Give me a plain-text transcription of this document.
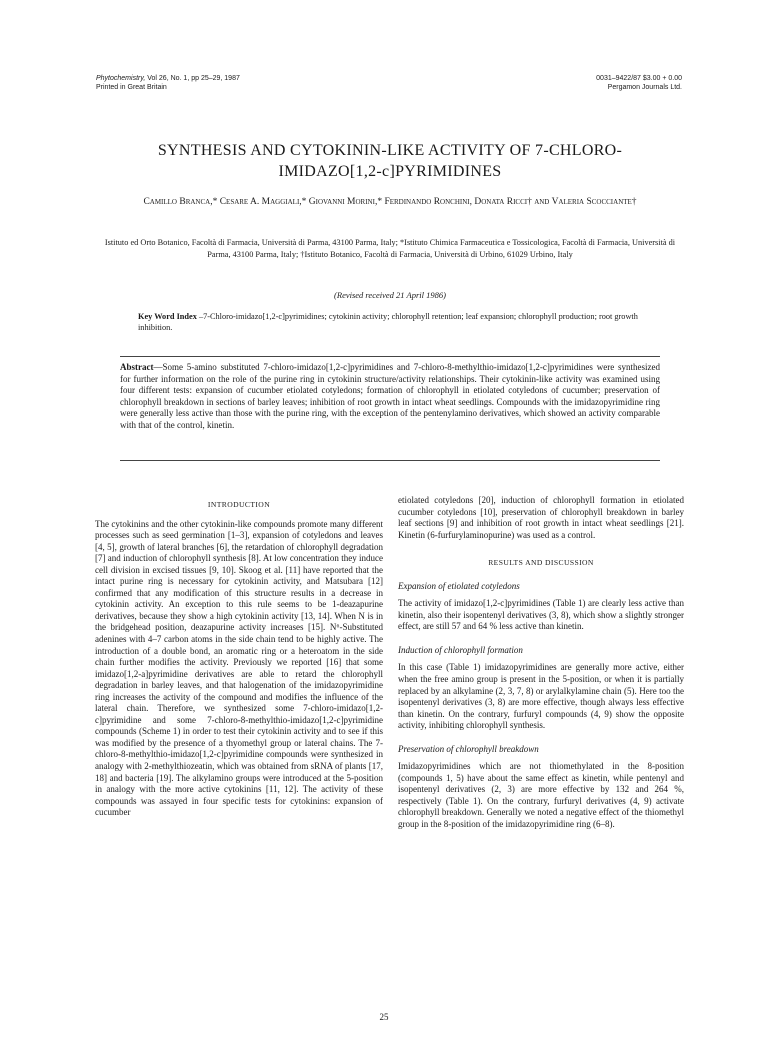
Phytochemistry, Vol 26, No. 1, pp 25–29, 1987
Printed in Great Britain
0031–9422/87 $3.00 + 0.00
Pergamon Journals Ltd.
SYNTHESIS AND CYTOKININ-LIKE ACTIVITY OF 7-CHLORO-IMIDAZO[1,2-c]PYRIMIDINES
Camillo Branca,* Cesare A. Maggiali,* Giovanni Morini,* Ferdinando Ronchini, Donata Ricci† and Valeria Scocciante†
Istituto ed Orto Botanico, Facoltà di Farmacia, Università di Parma, 43100 Parma, Italy; *Istituto Chimica Farmaceutica e Tossicologica, Facoltà di Farmacia, Università di Parma, 43100 Parma, Italy; †Istituto Botanico, Facoltà di Farmacia, Università di Urbino, 61029 Urbino, Italy
(Revised received 21 April 1986)
Key Word Index –7-Chloro-imidazo[1,2-c]pyrimidines; cytokinin activity; chlorophyll retention; leaf expansion; chlorophyll production; root growth inhibition.
Abstract—Some 5-amino substituted 7-chloro-imidazo[1,2-c]pyrimidines and 7-chloro-8-methylthio-imidazo[1,2-c]pyrimidines were synthesized for further information on the role of the purine ring in cytokinin structure/activity relationships. Their cytokinin-like activity was examined using four different tests: expansion of cucumber etiolated cotyledons; formation of chlorophyll in etiolated cotyledons of cucumber; preservation of chlorophyll breakdown in sections of barley leaves; inhibition of root growth in intact wheat seedlings. Compounds with the imidazopyrimidine ring were generally less active than those with the purine ring, with the exception of the pentenylamino derivatives, which showed an activity comparable with that of the control, kinetin.
INTRODUCTION

The cytokinins and the other cytokinin-like compounds promote many different processes such as seed germination [1–3], expansion of cotyledons and leaves [4, 5], growth of lateral branches [6], the retardation of chlorophyll degradation [7] and induction of chlorophyll synthesis [8]. At low concentration they induce cell division in excised tissues [9, 10]. Skoog et al. [11] have reported that the intact purine ring is necessary for cytokinin activity, and Matsubara [12] confirmed that any modification of this structure results in a decrease in cytokinin activity. An exception to this rule seems to be 1-deazapurine derivatives, because they show a high cytokinin activity [13, 14]. When N is in the bridgehead position, deazapurine activity increases [15]. N⁶-Substituted adenines with 4–7 carbon atoms in the side chain tend to be highly active. The introduction of a double bond, an aromatic ring or a heteroatom in the side chain further modifies the activity. Previously we reported [16] that some imidazo[1,2-a]pyrimidine derivatives are able to retard the chlorophyll degradation in barley leaves, and that halogenation of the imidazopyrimidine ring increases the activity of the compound and modifies the influence of the lateral chain. Therefore, we synthesized some 7-chloro-imidazo[1,2-c]pyrimidine and some 7-chloro-8-methylthio-imidazo[1,2-c]pyrimidine compounds (Scheme 1) in order to test their cytokinin activity and to see if this was modified by the presence of a thyomethyl group or lateral chains. The 7-chloro-8-methylthio-imidazo[1,2-c]pyrimidine compounds were synthesized in analogy with 2-methylthiozeatin, which was obtained from sRNA of plants [17, 18] and bacteria [19]. The alkylamino groups were introduced at the 5-position in analogy with the more active cytokinins [11, 12]. The activity of these compounds was assayed in four specific tests for cytokinins: expansion of cucumber

etiolated cotyledons [20], induction of chlorophyll formation in etiolated cucumber cotyledons [10], preservation of chlorophyll breakdown in barley leaf sections [9] and inhibition of root growth in intact wheat seedlings [21]. Kinetin (6-furfurylaminopurine) was used as a control.

RESULTS AND DISCUSSION
Expansion of etiolated cotyledons

The activity of imidazo[1,2-c]pyrimidines (Table 1) are clearly less active than kinetin, also their isopentenyl derivatives (3, 8), which show a slightly stronger effect, are still 57 and 64 % less active than kinetin.

Induction of chlorophyll formation

In this case (Table 1) imidazopyrimidines are generally more active, either when the free amino group is present in the 5-position, or when it is partially replaced by an alkylamine (2, 3, 7, 8) or arylalkylamine chain (5). Here too the isopentenyl derivatives (3, 8) are more effective, though always less effective than kinetin. On the contrary, furfuryl compounds (4, 9) show the opposite activity, inhibiting chlorophyll synthesis.

Preservation of chlorophyll breakdown

Imidazopyrimidines which are not thiomethylated in the 8-position (compounds 1, 5) have about the same effect as kinetin, while pentenyl and isopentenyl derivatives (2, 3) are more effective by 132 and 264 %, respectively (Table 1). On the contrary, furfuryl derivatives (4, 9) activate chlorophyll breakdown. Generally we noted a negative effect of the thiomethyl group in the 8-position of the imidazopyrimidine ring (6–8).

25
